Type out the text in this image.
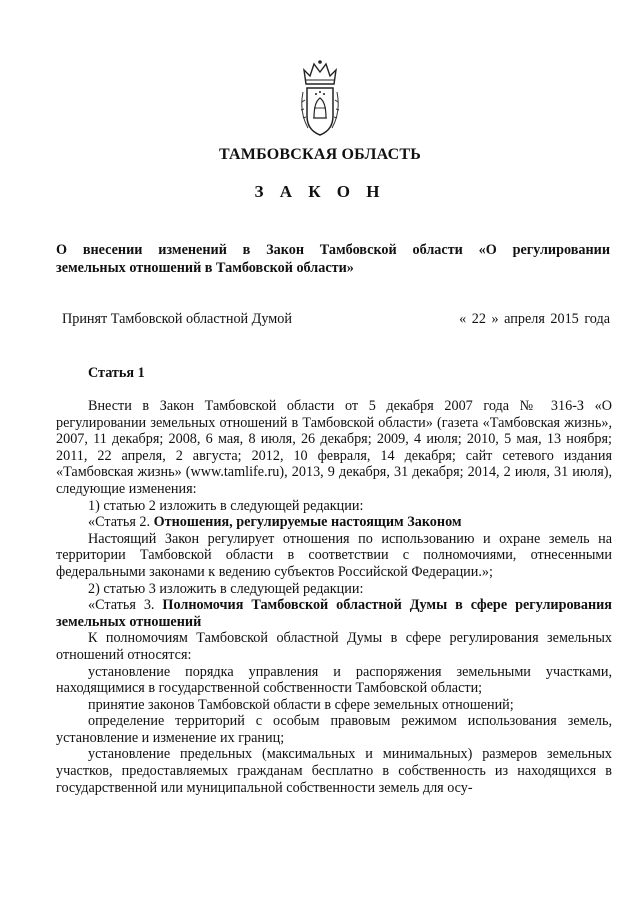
ТАМБОВСКАЯ ОБЛАСТЬ
З А К О Н
О внесении изменений в Закон Тамбовской области «О регулировании
земельных отношений в Тамбовской области»
Принят Тамбовской областной Думой	« 22 » апреля 2015 года
Статья 1

Внести в Закон Тамбовской области от 5 декабря 2007 года № 316-З «О регулировании земельных отношений в Тамбовской области» (газета «Тамбовская жизнь», 2007, 11 декабря; 2008, 6 мая, 8 июля, 26 декабря; 2009, 4 июля; 2010, 5 мая, 13 ноября; 2011, 22 апреля, 2 августа; 2012, 10 февраля, 14 декабря; сайт сетевого издания «Тамбовская жизнь» (www.tamlife.ru), 2013, 9 декабря, 31 декабря; 2014, 2 июля, 31 июля), следующие изменения:

1) статью 2 изложить в следующей редакции:

«Статья 2. Отношения, регулируемые настоящим Законом

Настоящий Закон регулирует отношения по использованию и охране земель на территории Тамбовской области в соответствии с полномочиями, отнесенными федеральными законами к ведению субъектов Российской Федерации.»;

2) статью 3 изложить в следующей редакции:

«Статья 3. Полномочия Тамбовской областной Думы в сфере регулирования земельных отношений

К полномочиям Тамбовской областной Думы в сфере регулирования земельных отношений относятся:

установление порядка управления и распоряжения земельными участками, находящимися в государственной собственности Тамбовской области;

принятие законов Тамбовской области в сфере земельных отношений;

определение территорий с особым правовым режимом использования земель, установление и изменение их границ;

установление предельных (максимальных и минимальных) размеров земельных участков, предоставляемых гражданам бесплатно в собственность из находящихся в государственной или муниципальной собственности земель для осу-
